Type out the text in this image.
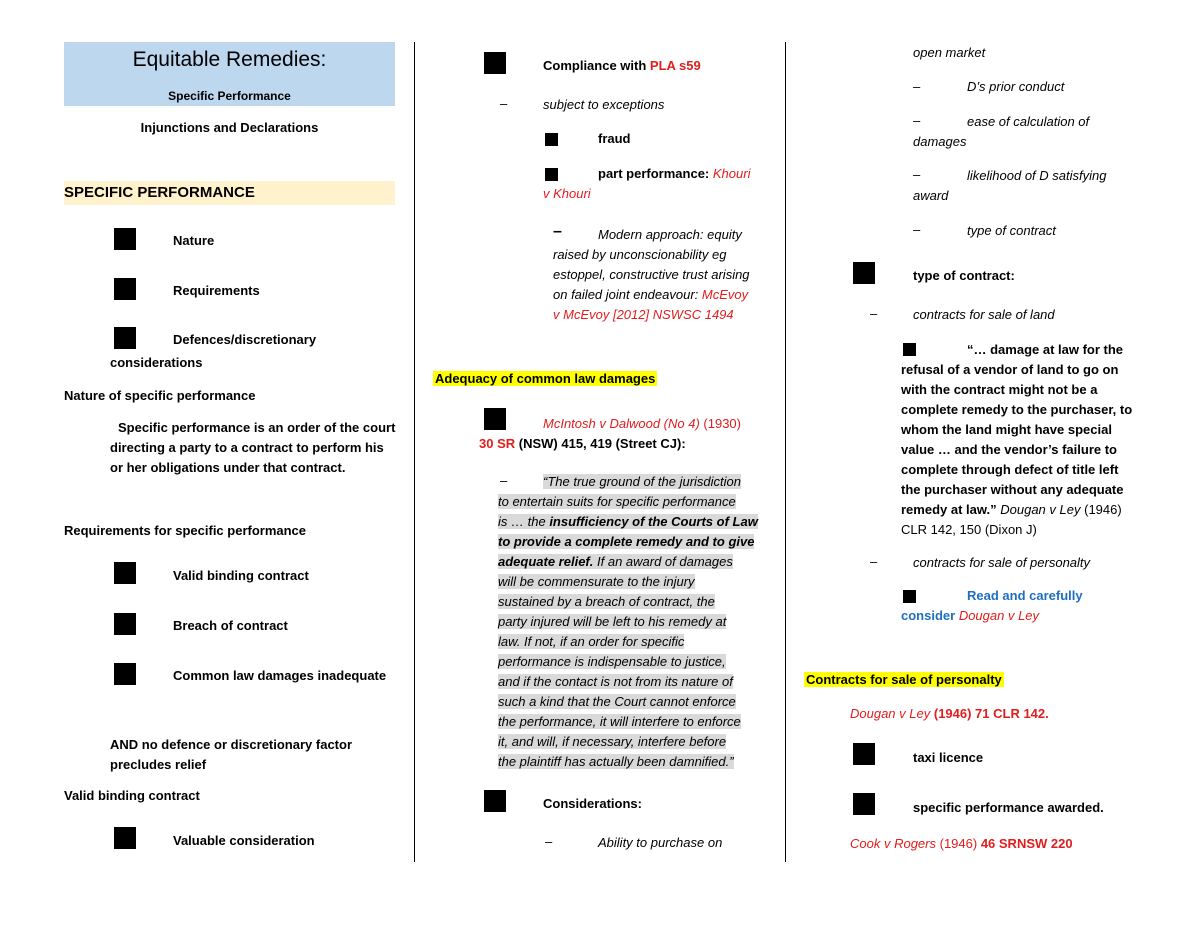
Equitable Remedies:
Specific Performance
Injunctions and Declarations
SPECIFIC PERFORMANCE
Nature
Requirements
Defences/discretionary
considerations
Nature of specific performance
Specific performance is an order of the court
directing a party to a contract to perform his
or her obligations under that contract.
Requirements for specific performance
Valid binding contract
Breach of contract
Common law damages inadequate
AND no defence or discretionary factor
precludes relief
Valid binding contract
Valuable consideration
Compliance with PLA s59
–	subject to exceptions
fraud
part performance: Khouri
v Khouri
–	Modern approach: equity
raised by unconscionability eg
estoppel, constructive trust arising
on failed joint endeavour: McEvoy
v McEvoy [2012] NSWSC 1494
Adequacy of common law damages
McIntosh v Dalwood (No 4) (1930)
30 SR (NSW) 415, 419 (Street CJ):
–	“The true ground of the jurisdiction
to entertain suits for specific performance
is … the insufficiency of the Courts of Law
to provide a complete remedy and to give
adequate relief. If an award of damages
will be commensurate to the injury
sustained by a breach of contract, the
party injured will be left to his remedy at
law. If not, if an order for specific
performance is indispensable to justice,
and if the contact is not from its nature of
such a kind that the Court cannot enforce
the performance, it will interfere to enforce
it, and will, if necessary, interfere before
the plaintiff has actually been damnified.”
Considerations:
–	Ability to purchase on
open market
–	D’s prior conduct
–	ease of calculation of
damages
–	likelihood of D satisfying
award
–	type of contract
type of contract:
–	contracts for sale of land
“… damage at law for the
refusal of a vendor of land to go on
with the contract might not be a
complete remedy to the purchaser, to
whom the land might have special
value … and the vendor’s failure to
complete through defect of title left
the purchaser without any adequate
remedy at law.” Dougan v Ley (1946)
CLR 142, 150 (Dixon J)
–	contracts for sale of personalty
Read and carefully
consider Dougan v Ley
Contracts for sale of personalty
Dougan v Ley (1946) 71 CLR 142.
taxi licence
specific performance awarded.
Cook v Rogers (1946) 46 SRNSW 220
